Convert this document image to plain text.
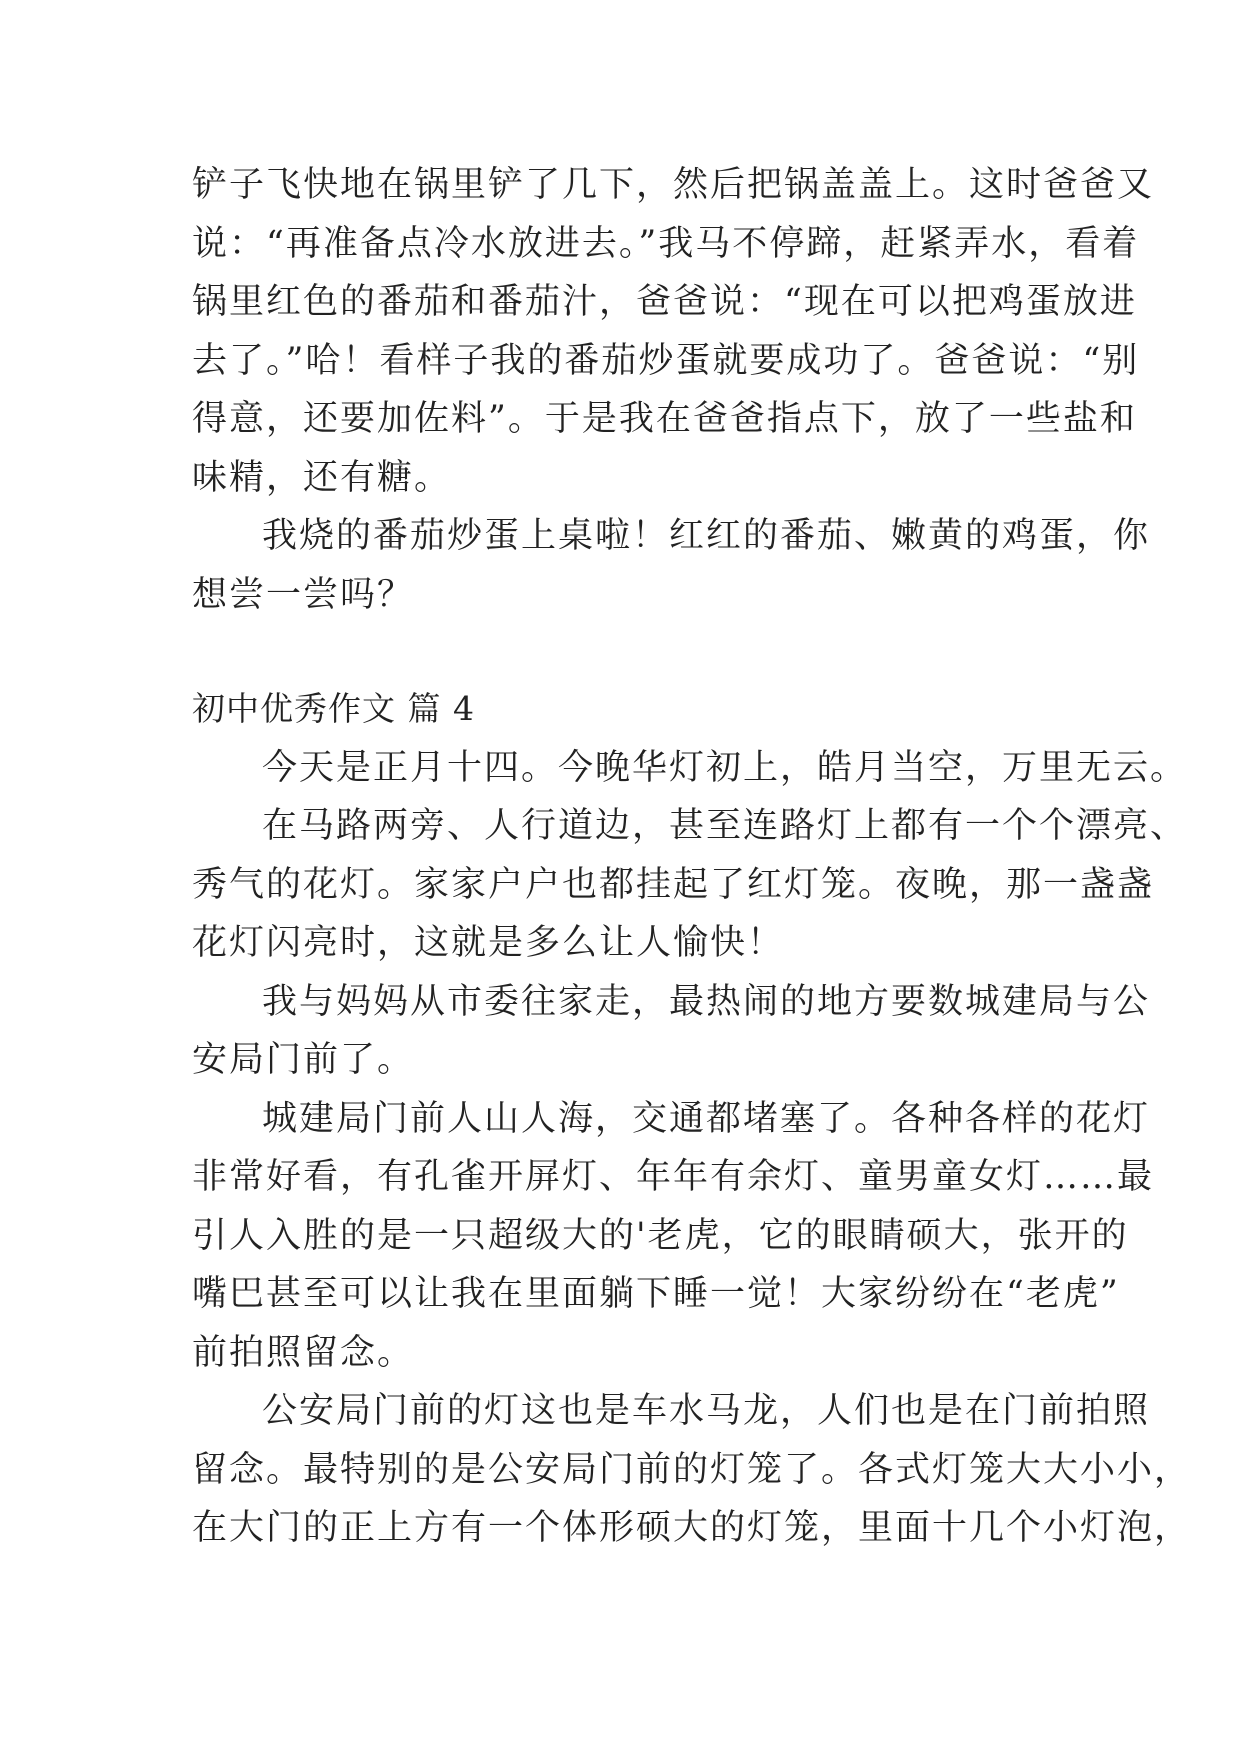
铲子飞快地在锅里铲了几下，然后把锅盖盖上。这时爸爸又
说：“再准备点冷水放进去。”我马不停蹄，赶紧弄水，看着
锅里红色的番茄和番茄汁，爸爸说：“现在可以把鸡蛋放进
去了。”哈！看样子我的番茄炒蛋就要成功了。爸爸说：“别
得意，还要加佐料”。于是我在爸爸指点下，放了一些盐和
味精，还有糖。
我烧的番茄炒蛋上桌啦！红红的番茄、嫩黄的鸡蛋，你
想尝一尝吗？
初中优秀作文 篇 4
今天是正月十四。今晚华灯初上，皓月当空，万里无云。
在马路两旁、人行道边，甚至连路灯上都有一个个漂亮、
秀气的花灯。家家户户也都挂起了红灯笼。夜晚，那一盏盏
花灯闪亮时，这就是多么让人愉快！
我与妈妈从市委往家走，最热闹的地方要数城建局与公
安局门前了。
城建局门前人山人海，交通都堵塞了。各种各样的花灯
非常好看，有孔雀开屏灯、年年有余灯、童男童女灯……最
引人入胜的是一只超级大的'老虎，它的眼睛硕大，张开的
嘴巴甚至可以让我在里面躺下睡一觉！大家纷纷在“老虎”
前拍照留念。
公安局门前的灯这也是车水马龙，人们也是在门前拍照
留念。最特别的是公安局门前的灯笼了。各式灯笼大大小小，
在大门的正上方有一个体形硕大的灯笼，里面十几个小灯泡，
